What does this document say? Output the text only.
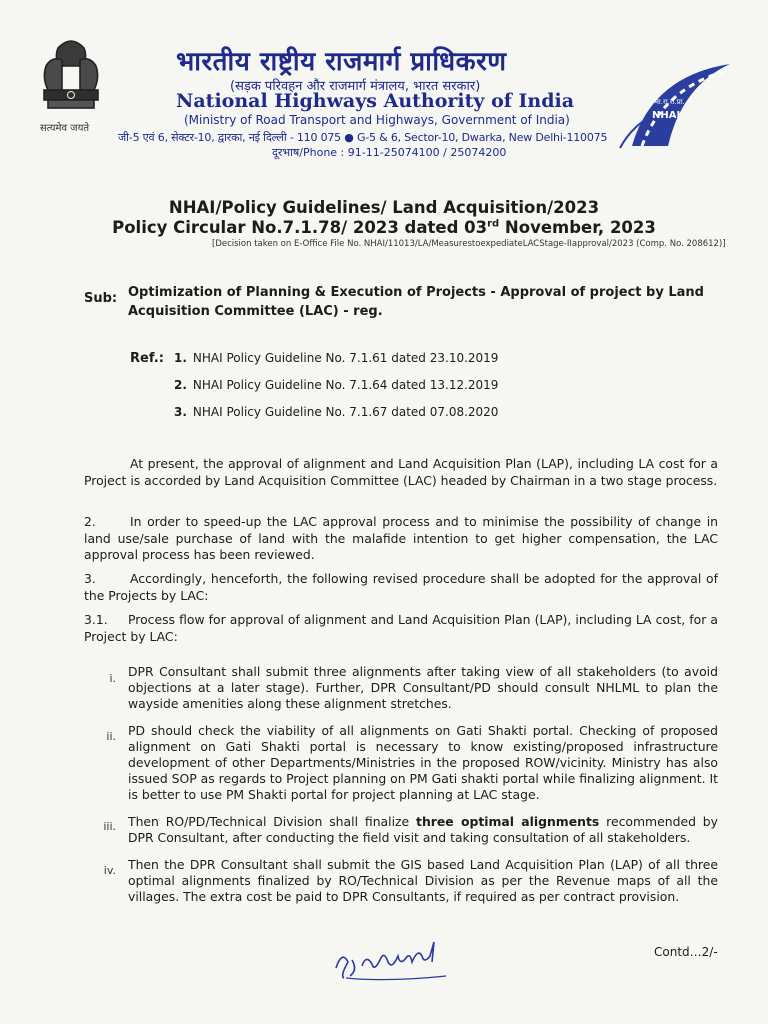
सत्यमेव जयते
भारतीय राष्ट्रीय राजमार्ग प्राधिकरण
(सड़क परिवहन और राजमार्ग मंत्रालय, भारत सरकार)
National Highways Authority of India
(Ministry of Road Transport and Highways, Government of India)
जी-5 एवं 6, सेक्टर-10, द्वारका, नई दिल्ली - 110 075 ● G-5 & 6, Sector-10, Dwarka, New Delhi-110075
दूरभाष/Phone : 91-11-25074100 / 25074200
भा.रा.रा.प्रा.
NHAI
NHAI/Policy Guidelines/ Land Acquisition/2023
Policy Circular No.7.1.78/ 2023 dated 03rd November, 2023
[Decision taken on E-Office File No. NHAI/11013/LA/MeasurestoexpediateLACStage-IIapproval/2023 (Comp. No. 208612)]
Sub: Optimization of Planning & Execution of Projects - Approval of project by Land Acquisition Committee (LAC) - reg.
Ref.: 1. NHAI Policy Guideline No. 7.1.61 dated 23.10.2019
2. NHAI Policy Guideline No. 7.1.64 dated 13.12.2019
3. NHAI Policy Guideline No. 7.1.67 dated 07.08.2020
At present, the approval of alignment and Land Acquisition Plan (LAP), including LA cost for a Project is accorded by Land Acquisition Committee (LAC) headed by Chairman in a two stage process.
2.	In order to speed-up the LAC approval process and to minimise the possibility of change in land use/sale purchase of land with the malafide intention to get higher compensation, the LAC approval process has been reviewed.
3.	Accordingly, henceforth, the following revised procedure shall be adopted for the approval of the Projects by LAC:
3.1. Process flow for approval of alignment and Land Acquisition Plan (LAP), including LA cost, for a Project by LAC:
i. DPR Consultant shall submit three alignments after taking view of all stakeholders (to avoid objections at a later stage). Further, DPR Consultant/PD should consult NHLML to plan the wayside amenities along these alignment stretches.
ii. PD should check the viability of all alignments on Gati Shakti portal. Checking of proposed alignment on Gati Shakti portal is necessary to know existing/proposed infrastructure development of other Departments/Ministries in the proposed ROW/vicinity. Ministry has also issued SOP as regards to Project planning on PM Gati shakti portal while finalizing alignment. It is better to use PM Shakti portal for project planning at LAC stage.
iii. Then RO/PD/Technical Division shall finalize three optimal alignments recommended by DPR Consultant, after conducting the field visit and taking consultation of all stakeholders.
iv. Then the DPR Consultant shall submit the GIS based Land Acquisition Plan (LAP) of all three optimal alignments finalized by RO/Technical Division as per the Revenue maps of all the villages. The extra cost be paid to DPR Consultants, if required as per contract provision.
Contd…2/-
